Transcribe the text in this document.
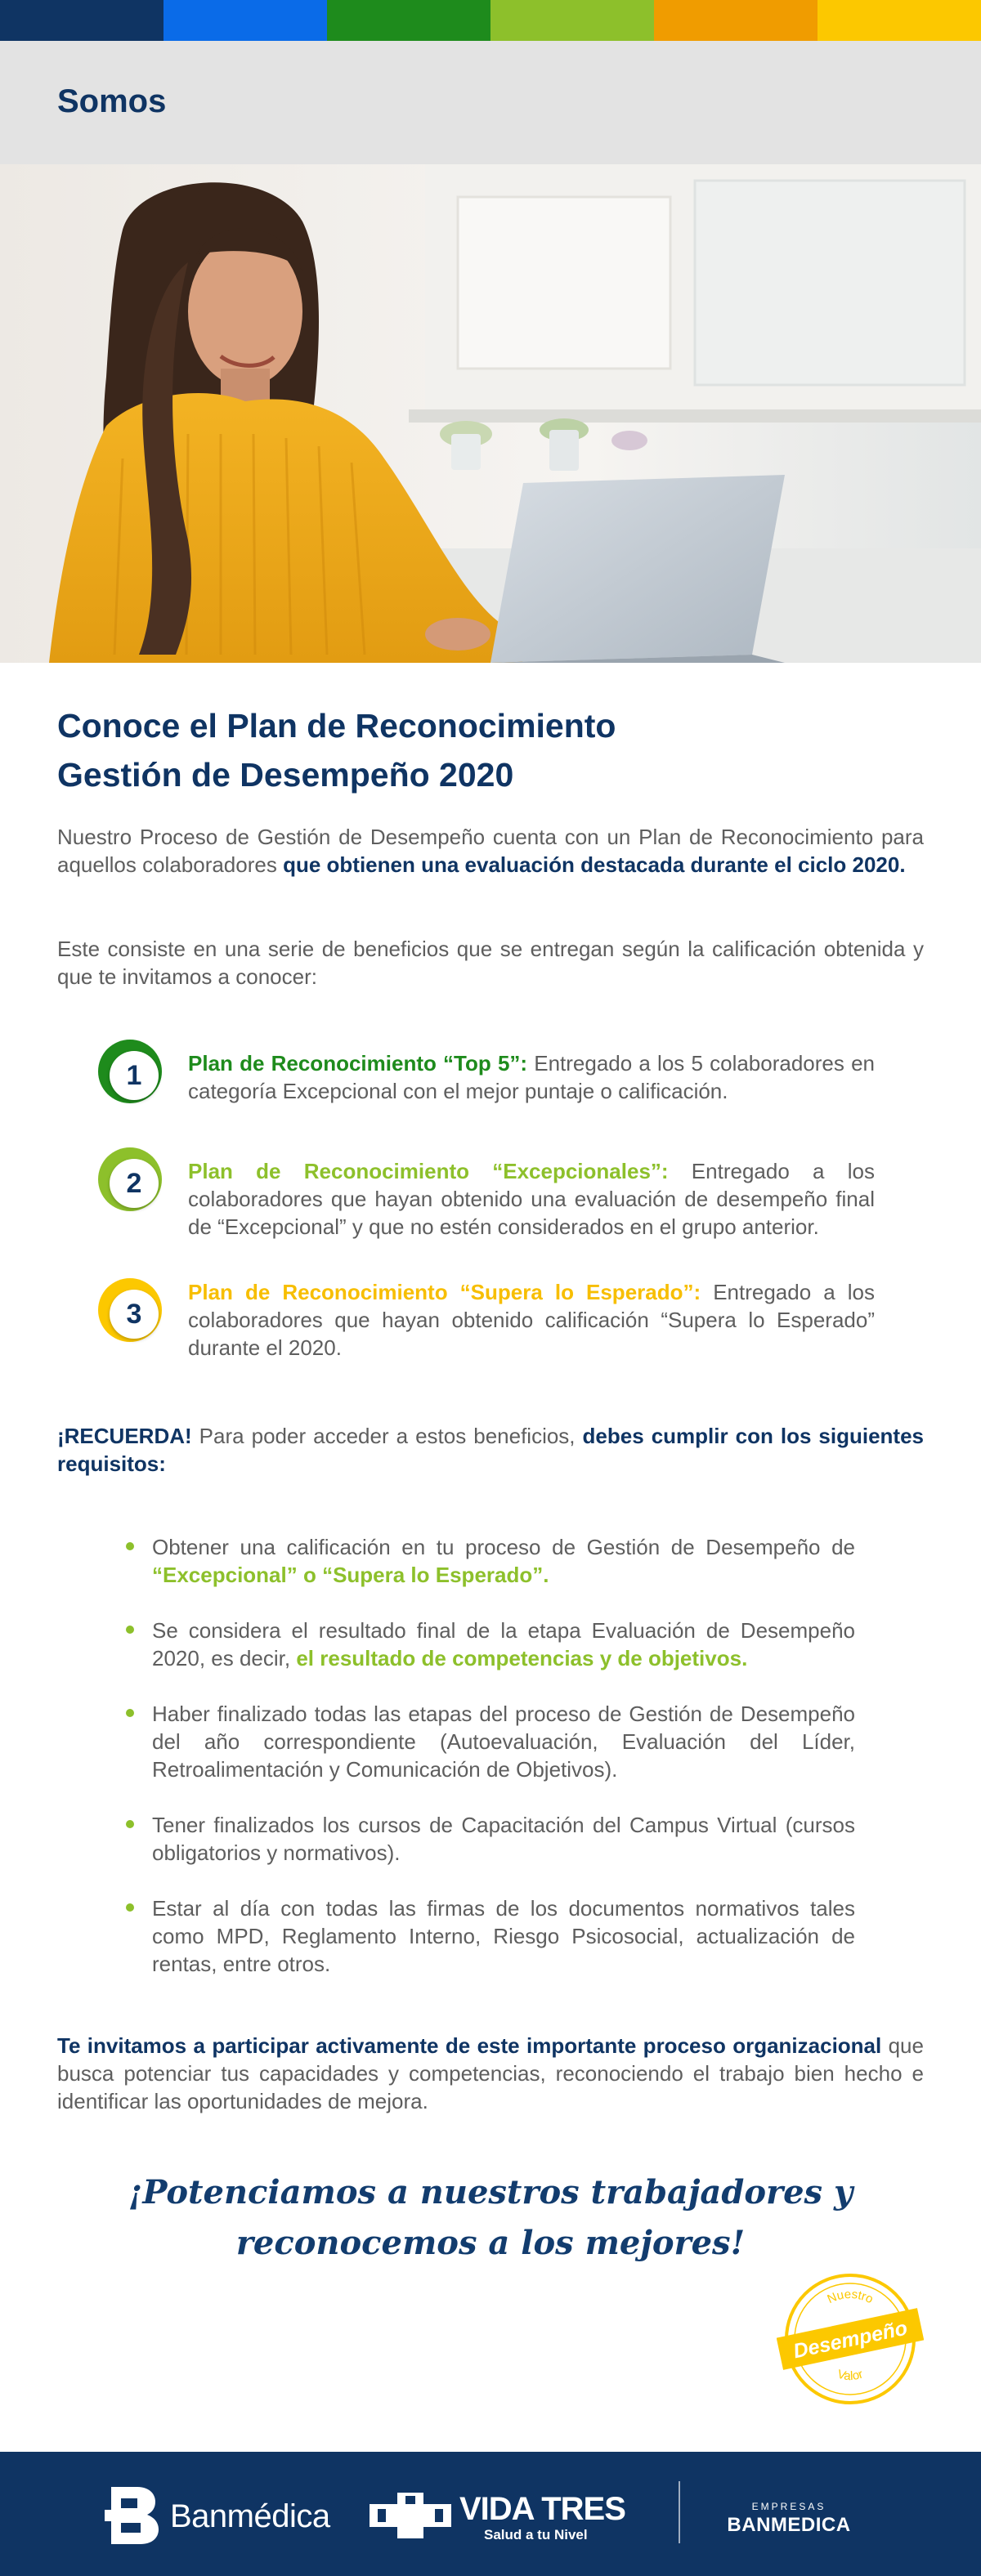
Somos
Conoce el Plan de Reconocimiento
Gestión de Desempeño 2020

Nuestro Proceso de Gestión de Desempeño cuenta con un Plan de Reconocimiento para aquellos colaboradores que obtienen una evaluación destacada durante el ciclo 2020.

Este consiste en una serie de beneficios que se entregan según la calificación obtenida y que te invitamos a conocer:

1	Plan de Reconocimiento “Top 5”: Entregado a los 5 colaboradores en categoría Excepcional con el mejor puntaje o calificación.

2	Plan de Reconocimiento “Excepcionales”: Entregado a los colaboradores que hayan obtenido una evaluación de desempeño final de “Excepcional” y que no estén considerados en el grupo anterior.

3

Plan de Reconocimiento “Supera lo Esperado”: Entregado a los colaboradores que hayan obtenido calificación “Supera lo Esperado” durante el 2020.

¡RECUERDA! Para poder acceder a estos beneficios, debes cumplir con los siguientes requisitos:

Obtener una calificación en tu proceso de Gestión de Desempeño de “Excepcional” o “Supera lo Esperado”.
Se considera el resultado final de la etapa Evaluación de Desempeño 2020, es decir, el resultado de competencias y de objetivos.
Haber finalizado todas las etapas del proceso de Gestión de Desempeño del año correspondiente (Autoevaluación, Evaluación del Líder, Retroalimentación y Comunicación de Objetivos).
Tener finalizados los cursos de Capacitación del Campus Virtual (cursos obligatorios y normativos).
Estar al día con todas las firmas de los documentos normativos tales como MPD, Reglamento Interno, Riesgo Psicosocial, actualización de rentas, entre otros.

Te invitamos a participar activamente de este importante proceso organizacional que busca potenciar tus capacidades y competencias, reconociendo el trabajo bien hecho e identificar las oportunidades de mejora.

¡Potenciamos a nuestros trabajadores y
reconocemos a los mejores!
Nuestro
Valor
Desempeño
Banmédica	VIDA TRES
Salud a tu Nivel
EMPRESAS
BANMEDICA
